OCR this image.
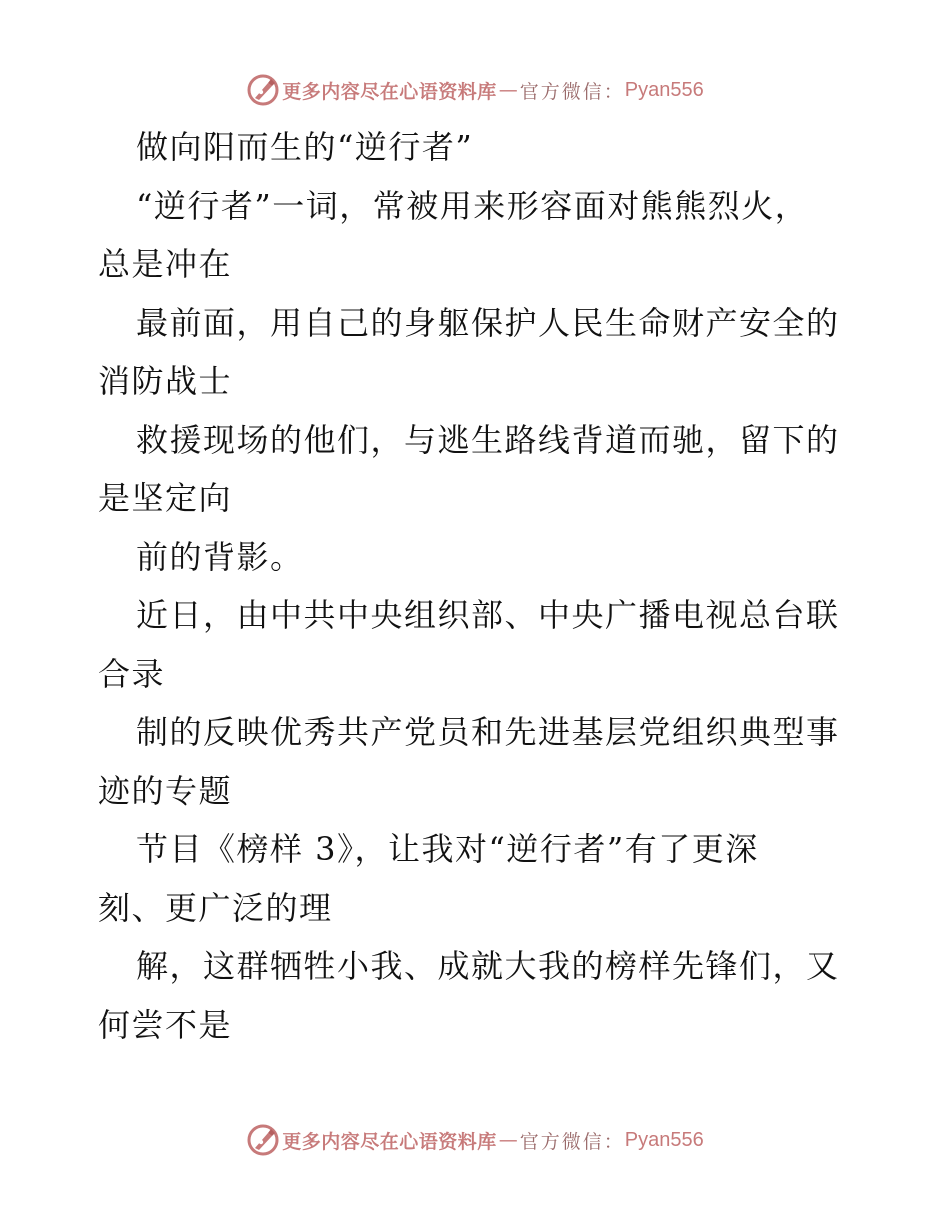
更多内容尽在心语资料库 — 官方微信： Pyan556
做向阳而生的“逆行者”
“逆行者”一词，常被用来形容面对熊熊烈火，
总是冲在
最前面，用自己的身躯保护人民生命财产安全的
消防战士
救援现场的他们，与逃生路线背道而驰，留下的
是坚定向
前的背影。
近日，由中共中央组织部、中央广播电视总台联
合录
制的反映优秀共产党员和先进基层党组织典型事
迹的专题
节目《榜样 3》，让我对“逆行者”有了更深
刻、更广泛的理
解，这群牺牲小我、成就大我的榜样先锋们，又
何尝不是
更多内容尽在心语资料库 — 官方微信： Pyan556
